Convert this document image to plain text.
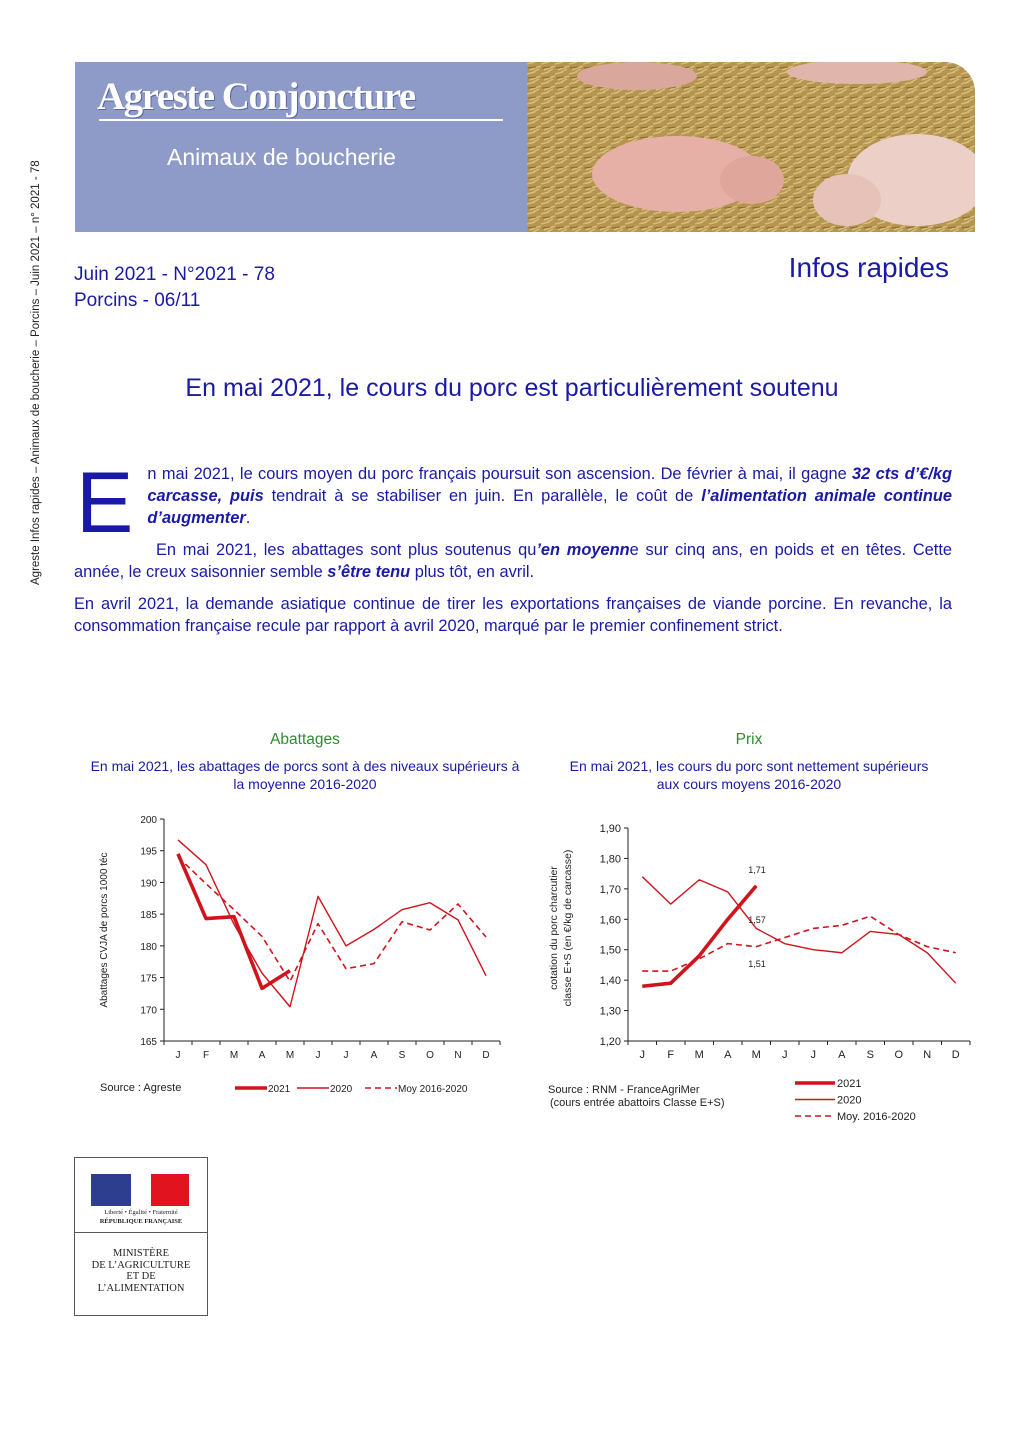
Agreste Infos rapides – Animaux de boucherie – Porcins – Juin 2021 – n° 2021 - 78
Agreste Conjoncture
Animaux de boucherie
Juin 2021 - N°2021 - 78
Porcins - 06/11
Infos rapides
En mai 2021, le cours du porc est particulièrement soutenu
E n mai 2021, le cours moyen du porc français poursuit son ascension. De février à mai, il gagne 32 cts d’€/kg carcasse, puis tendrait à se stabiliser en juin. En parallèle, le coût de l’alimentation animale continue d’augmenter.

En mai 2021, les abattages sont plus soutenus qu’en moyenne sur cinq ans, en poids et en têtes. Cette année, le creux saisonnier semble s’être tenu plus tôt, en avril.

En avril 2021, la demande asiatique continue de tirer les exportations françaises de viande porcine. En revanche, la consommation française recule par rapport à avril 2020, marqué par le premier confinement strict.

Abattages
En mai 2021, les abattages de porcs sont à des niveaux supérieurs à la moyenne 2016-2020
Prix
En mai 2021, les cours du porc sont nettement supérieurs aux cours moyens 2016-2020
165
170
175
180
185
190
195
200
J F M A M J J A S O N D
Abattages CVJA de porcs 1000 téc
Source : Agreste	2021	2020	Moy 2016-2020
1,20
1,30
1,40
1,50
1,60
1,70
1,80
1,90
J F M A M J J A S O N D
cotation du porc charcutier classe E+S (en €/kg de carcasse)	1,71
1,57
1,51
Source : RNM - FranceAgriMer
(cours entrée abattoirs Classe E+S)
2021
2020
Moy. 2016-2020
Liberté • Égalité • Fraternité
RÉPUBLIQUE FRANÇAISE
MINISTÈRE
DE L’AGRICULTURE
ET DE
L’ALIMENTATION
